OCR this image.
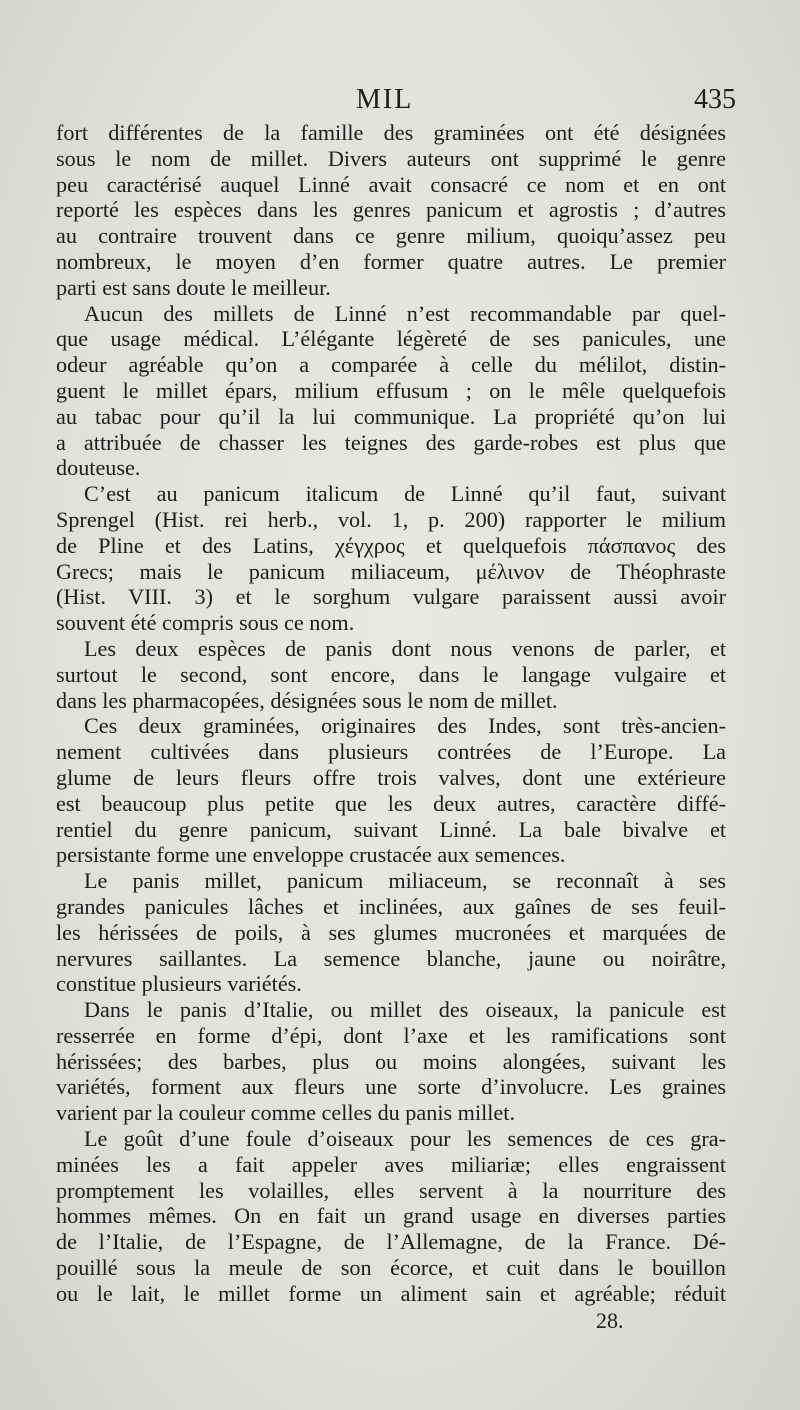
MIL	435
fort différentes de la famille des graminées ont été désignées
sous le nom de millet. Divers auteurs ont supprimé le genre
peu caractérisé auquel Linné avait consacré ce nom et en ont
reporté les espèces dans les genres panicum et agrostis ; d’autres
au contraire trouvent dans ce genre milium, quoiqu’assez peu
nombreux, le moyen d’en former quatre autres. Le premier
parti est sans doute le meilleur.
Aucun des millets de Linné n’est recommandable par quel-
que usage médical. L’élégante légèreté de ses panicules, une
odeur agréable qu’on a comparée à celle du mélilot, distin-
guent le millet épars, milium effusum ; on le mêle quelquefois
au tabac pour qu’il la lui communique. La propriété qu’on lui
a attribuée de chasser les teignes des garde-robes est plus que
douteuse.
C’est au panicum italicum de Linné qu’il faut, suivant
Sprengel (Hist. rei herb., vol. 1, p. 200) rapporter le milium
de Pline et des Latins, χέγχρος et quelquefois πάσπανος des
Grecs; mais le panicum miliaceum, μέλινον de Théophraste
(Hist. VIII. 3) et le sorghum vulgare paraissent aussi avoir
souvent été compris sous ce nom.
Les deux espèces de panis dont nous venons de parler, et
surtout le second, sont encore, dans le langage vulgaire et
dans les pharmacopées, désignées sous le nom de millet.
Ces deux graminées, originaires des Indes, sont très-ancien-
nement cultivées dans plusieurs contrées de l’Europe. La
glume de leurs fleurs offre trois valves, dont une extérieure
est beaucoup plus petite que les deux autres, caractère diffé-
rentiel du genre panicum, suivant Linné. La bale bivalve et
persistante forme une enveloppe crustacée aux semences.
Le panis millet, panicum miliaceum, se reconnaît à ses
grandes panicules lâches et inclinées, aux gaînes de ses feuil-
les hérissées de poils, à ses glumes mucronées et marquées de
nervures saillantes. La semence blanche, jaune ou noirâtre,
constitue plusieurs variétés.
Dans le panis d’Italie, ou millet des oiseaux, la panicule est
resserrée en forme d’épi, dont l’axe et les ramifications sont
hérissées; des barbes, plus ou moins alongées, suivant les
variétés, forment aux fleurs une sorte d’involucre. Les graines
varient par la couleur comme celles du panis millet.
Le goût d’une foule d’oiseaux pour les semences de ces gra-
minées les a fait appeler aves miliariæ; elles engraissent
promptement les volailles, elles servent à la nourriture des
hommes mêmes. On en fait un grand usage en diverses parties
de l’Italie, de l’Espagne, de l’Allemagne, de la France. Dé-
pouillé sous la meule de son écorce, et cuit dans le bouillon
ou le lait, le millet forme un aliment sain et agréable; réduit
28.
